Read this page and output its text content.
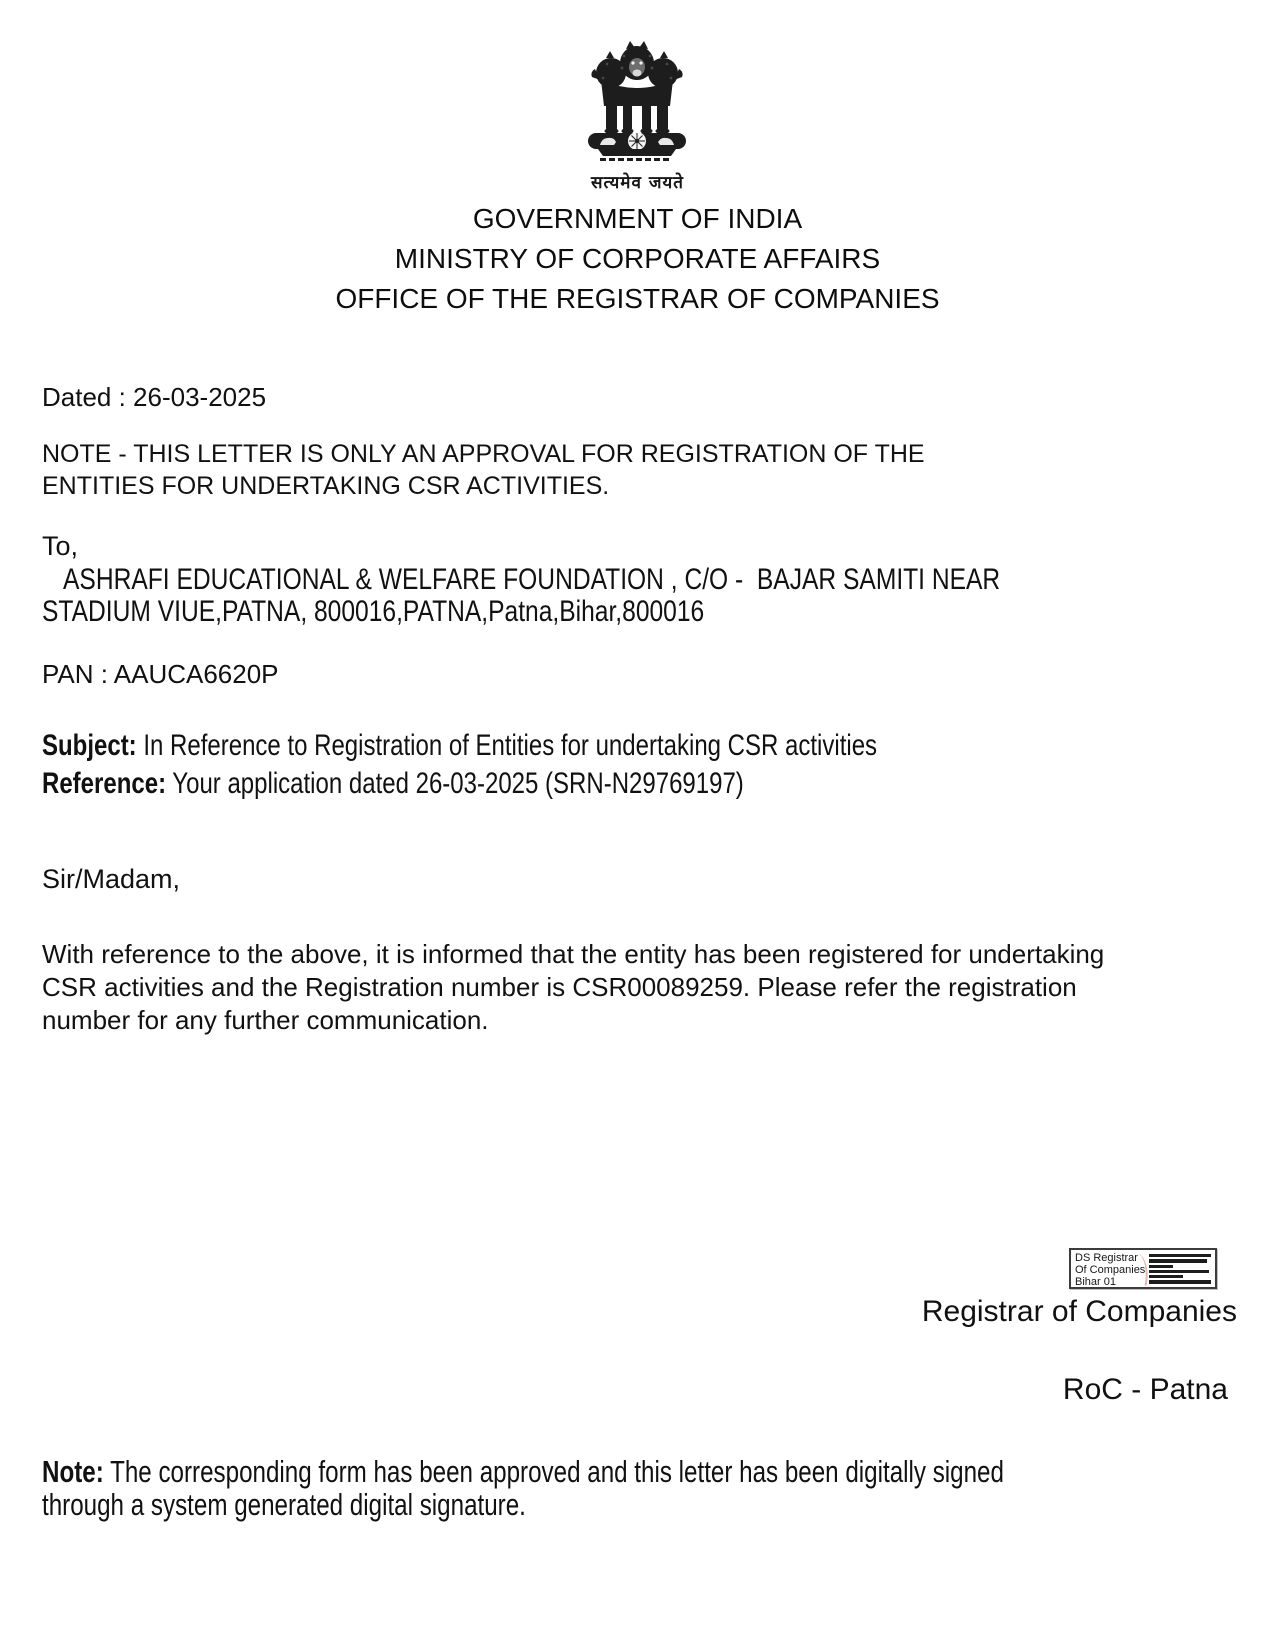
सत्यमेव जयते
GOVERNMENT OF INDIA
MINISTRY OF CORPORATE AFFAIRS
OFFICE OF THE REGISTRAR OF COMPANIES
Dated : 26-03-2025
NOTE - THIS LETTER IS ONLY AN APPROVAL FOR REGISTRATION OF THE
ENTITIES FOR UNDERTAKING CSR ACTIVITIES.
To,
ASHRAFI EDUCATIONAL & WELFARE FOUNDATION , C/O -  BAJAR SAMITI NEAR
STADIUM VIUE,PATNA, 800016,PATNA,Patna,Bihar,800016
PAN : AAUCA6620P
Subject: In Reference to Registration of Entities for undertaking CSR activities
Reference: Your application dated 26-03-2025 (SRN-N29769197)
Sir/Madam,
With reference to the above, it is informed that the entity has been registered for undertaking
CSR activities and the Registration number is CSR00089259. Please refer the registration
number for any further communication.
DS Registrar
Of Companies
Bihar 01
Registrar of Companies
RoC - Patna
Note: The corresponding form has been approved and this letter has been digitally signed
through a system generated digital signature.
